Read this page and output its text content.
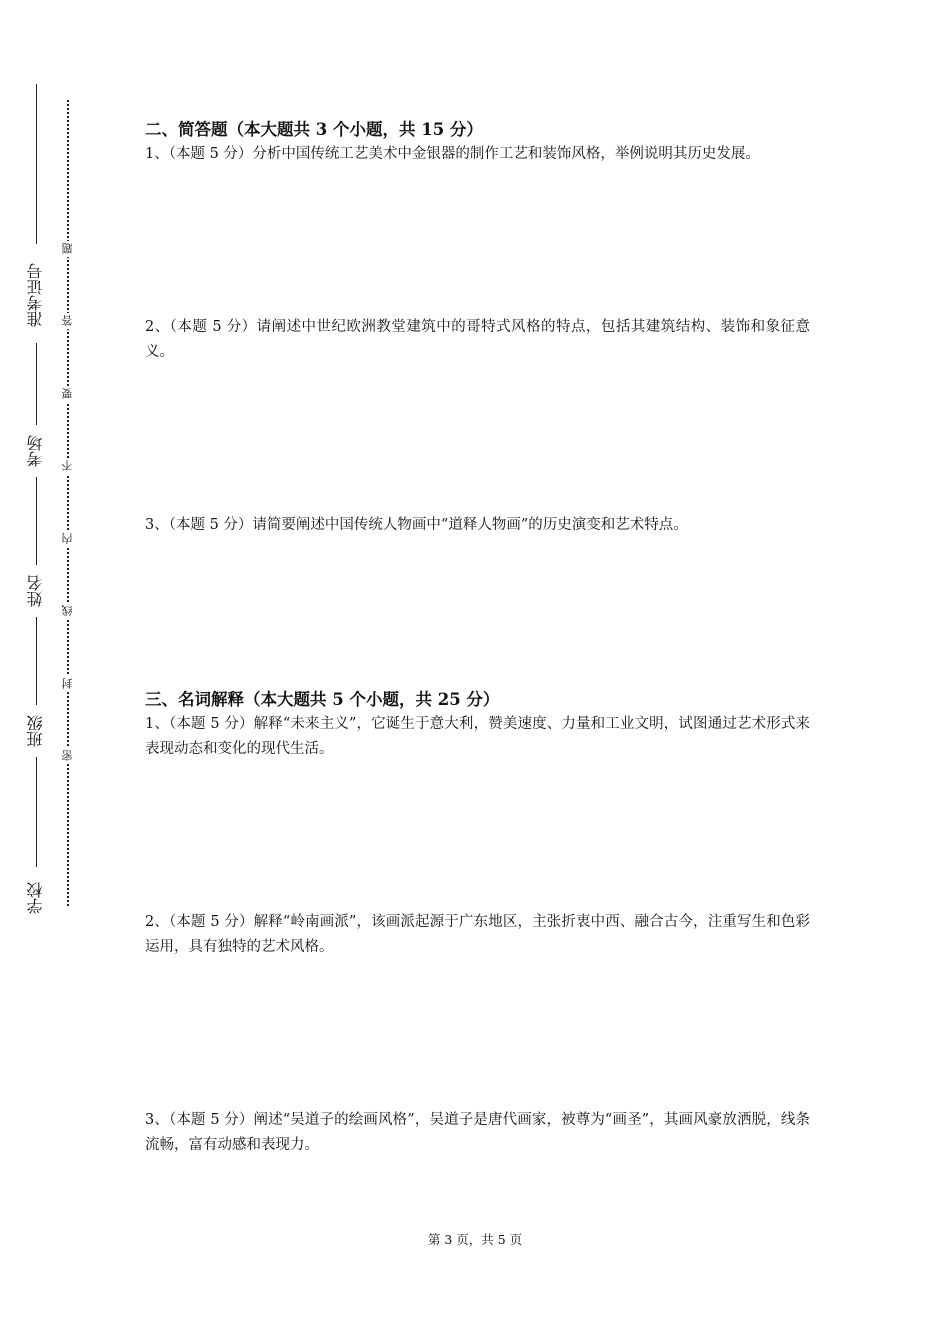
准考证号
考场
姓名
班级
学校
题
答
要
不
内
线
封
密
二、简答题（本大题共 3 个小题，共 15 分）

1、（本题 5 分）分析中国传统工艺美术中金银器的制作工艺和装饰风格，举例说明其历史发展。

2、（本题 5 分）请阐述中世纪欧洲教堂建筑中的哥特式风格的特点，包括其建筑结构、装饰和象征意义。

3、（本题 5 分）请简要阐述中国传统人物画中“道释人物画”的历史演变和艺术特点。

三、名词解释（本大题共 5 个小题，共 25 分）

1、（本题 5 分）解释“未来主义”，它诞生于意大利，赞美速度、力量和工业文明，试图通过艺术形式来表现动态和变化的现代生活。

2、（本题 5 分）解释“岭南画派”，该画派起源于广东地区，主张折衷中西、融合古今，注重写生和色彩运用，具有独特的艺术风格。

3、（本题 5 分）阐述“吴道子的绘画风格”，吴道子是唐代画家，被尊为“画圣”，其画风豪放洒脱，线条流畅，富有动感和表现力。

第 3 页，共 5 页
